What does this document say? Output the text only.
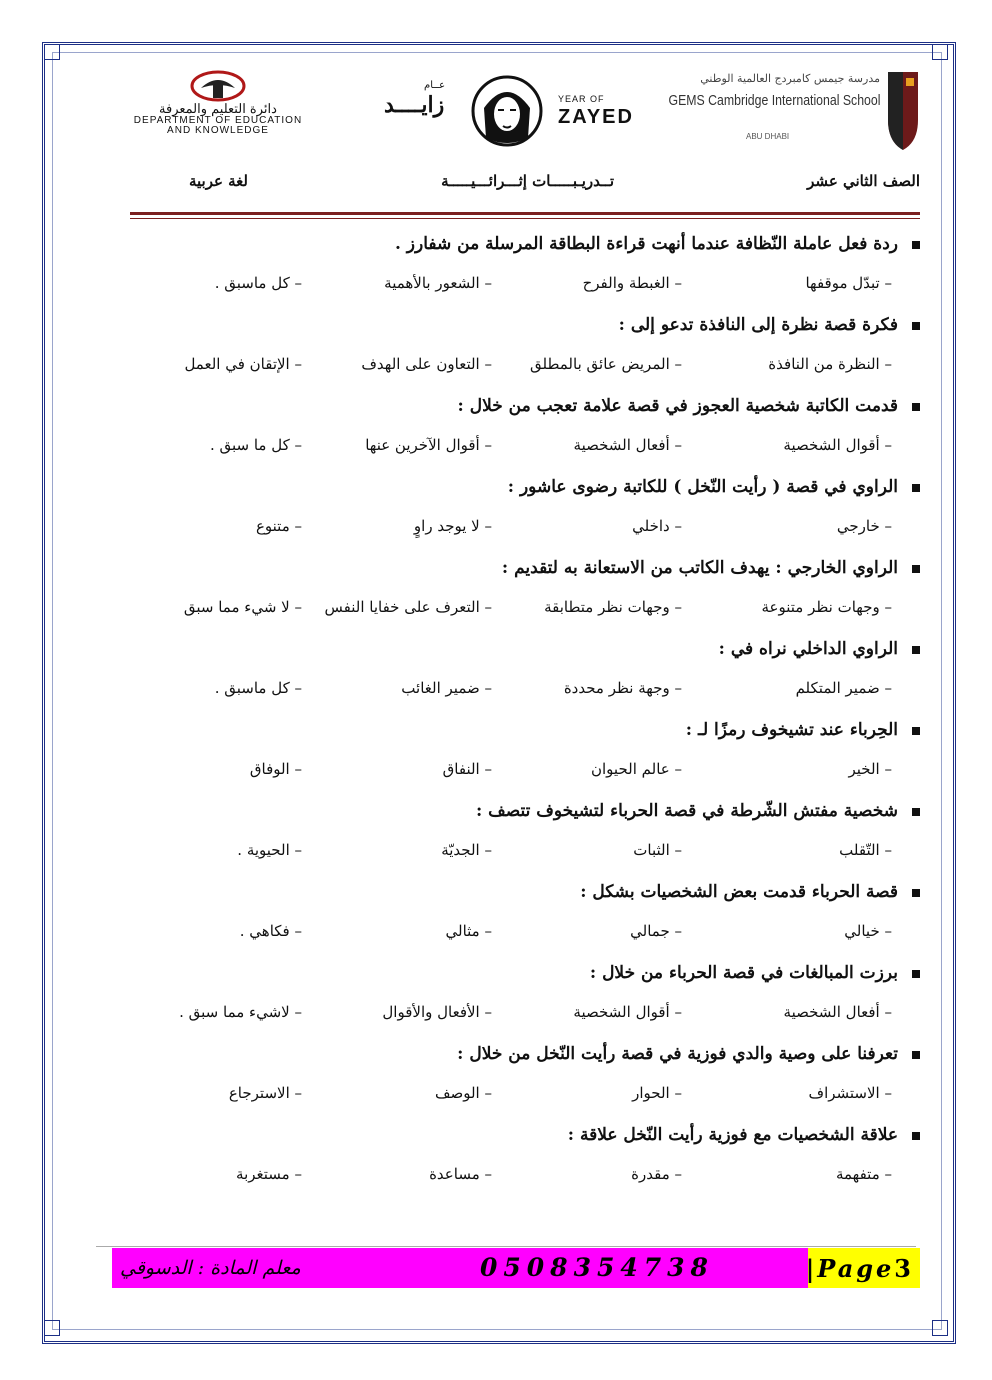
دائرة التعليم والمعرفة
DEPARTMENT OF EDUCATION
AND KNOWLEDGE
عــام
زايــــد	YEAR OF
ZAYED
مدرسة جيمس كامبردج العالمية الوطني
GEMS Cambridge International School
ABU DHABI
الصف الثاني عشر
تــدريـبـــــات إثـــرائـــيـــــة
لغة عربية
ردة فعل عاملة النّظافة عندما أنهت قراءة البطاقة المرسلة من شفارز .
– تبدّل موقفها
– الغبطة والفرح
– الشعور بالأهمية
– كل ماسبق .
فكرة قصة نظرة إلى النافذة تدعو إلى :
– النظرة من النافذة
– المريض عائق بالمطلق
– التعاون على الهدف
– الإتقان في العمل
قدمت الكاتبة شخصية العجوز في قصة علامة تعجب من خلال :
– أقوال الشخصية
– أفعال الشخصية
– أقوال الآخرين عنها
– كل ما سبق .
الراوي في قصة ( رأيت النّخل ) للكاتبة رضوى عاشور :
– خارجي
– داخلي
– لا يوجد راوٍ
– متنوع
الراوي الخارجي : يهدف الكاتب من الاستعانة به لتقديم :
– وجهات نظر متنوعة
– وجهات نظر متطابقة
– التعرف على خفايا النفس
– لا شيء مما سبق
الراوي الداخلي نراه في :
– ضمير المتكلم
– وجهة نظر محددة
– ضمير الغائب
– كل ماسبق .
الحِرباء عند تشيخوف رمزًا لـ :
– الخير
– عالم الحيوان
– النفاق
– الوفاق
شخصية مفتش الشّرطة في قصة الحرباء لتشيخوف تتصف :
– التّقلب
– الثبات
– الجديّة
– الحيوية .
قصة الحرباء قدمت بعض الشخصيات بشكل :
– خيالي
– جمالي
– مثالي
– فكاهي .
برزت المبالغات في قصة الحرباء من خلال :
– أفعال الشخصية
– أقوال الشخصية
– الأفعال والأقوال
– لاشيء مما سبق .
تعرفنا على وصية والدي فوزية في قصة رأيت النّخل من خلال :
– الاستشراف
– الحوار
– الوصف
– الاسترجاع
علاقة الشخصيات مع فوزية رأيت النّخل علاقة :
– متفهمة
– مقدرة
– مساعدة
– مستغربة
معلم المادة : الدسوقي	0508354738	|Page3
